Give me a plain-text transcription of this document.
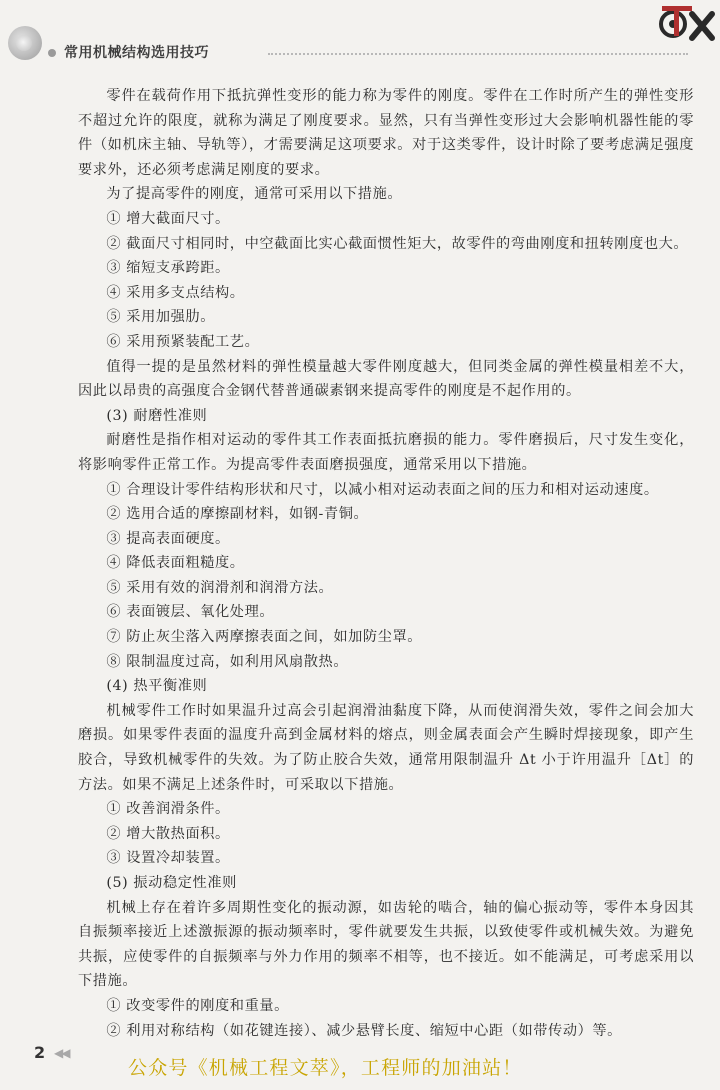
常用机械结构选用技巧

零件在载荷作用下抵抗弹性变形的能力称为零件的刚度。零件在工作时所产生的弹性变形不超过允许的限度，就称为满足了刚度要求。显然，只有当弹性变形过大会影响机器性能的零件（如机床主轴、导轨等），才需要满足这项要求。对于这类零件，设计时除了要考虑满足强度要求外，还必须考虑满足刚度的要求。

为了提高零件的刚度，通常可采用以下措施。

① 增大截面尺寸。

② 截面尺寸相同时，中空截面比实心截面惯性矩大，故零件的弯曲刚度和扭转刚度也大。

③ 缩短支承跨距。

④ 采用多支点结构。

⑤ 采用加强肋。

⑥ 采用预紧装配工艺。

值得一提的是虽然材料的弹性模量越大零件刚度越大，但同类金属的弹性模量相差不大，因此以昂贵的高强度合金钢代替普通碳素钢来提高零件的刚度是不起作用的。

(3) 耐磨性准则

耐磨性是指作相对运动的零件其工作表面抵抗磨损的能力。零件磨损后，尺寸发生变化，将影响零件正常工作。为提高零件表面磨损强度，通常采用以下措施。

① 合理设计零件结构形状和尺寸，以减小相对运动表面之间的压力和相对运动速度。

② 选用合适的摩擦副材料，如钢-青铜。

③ 提高表面硬度。

④ 降低表面粗糙度。

⑤ 采用有效的润滑剂和润滑方法。

⑥ 表面镀层、氧化处理。

⑦ 防止灰尘落入两摩擦表面之间，如加防尘罩。

⑧ 限制温度过高，如利用风扇散热。

(4) 热平衡准则

机械零件工作时如果温升过高会引起润滑油黏度下降，从而使润滑失效，零件之间会加大磨损。如果零件表面的温度升高到金属材料的熔点，则金属表面会产生瞬时焊接现象，即产生胶合，导致机械零件的失效。为了防止胶合失效，通常用限制温升 Δt 小于许用温升［Δt］的方法。如果不满足上述条件时，可采取以下措施。

① 改善润滑条件。

② 增大散热面积。

③ 设置冷却装置。

(5) 振动稳定性准则

机械上存在着许多周期性变化的振动源，如齿轮的啮合，轴的偏心振动等，零件本身因其自振频率接近上述激振源的振动频率时，零件就要发生共振，以致使零件或机械失效。为避免共振，应使零件的自振频率与外力作用的频率不相等，也不接近。如不能满足，可考虑采用以下措施。

① 改变零件的刚度和重量。

② 利用对称结构（如花键连接）、减少悬臂长度、缩短中心距（如带传动）等。

2 ◀◀
公众号《机械工程文萃》，工程师的加油站！
